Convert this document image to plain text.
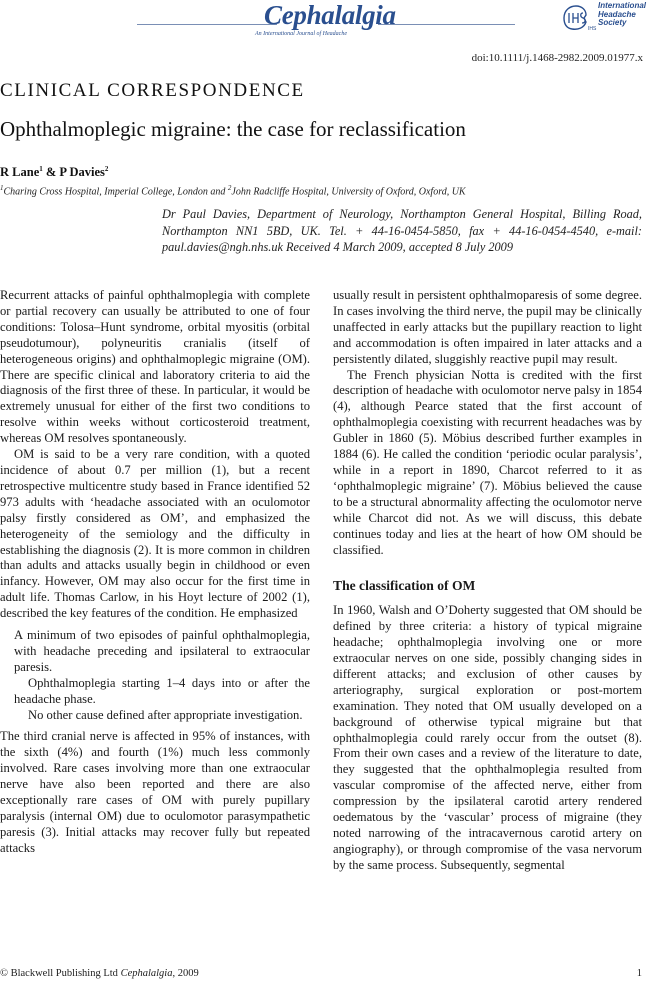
Cephalalgia
An International Journal of Headache
IHS
International
Headache
Society
doi:10.1111/j.1468-2982.2009.01977.x
CLINICAL CORRESPONDENCE
Ophthalmoplegic migraine: the case for reclassification
R Lane$^1$ & P Davies$^2$
$^1$Charing Cross Hospital, Imperial College, London and $^2$John Radcliffe Hospital, University of Oxford, Oxford, UK
Dr Paul Davies, Department of Neurology, Northampton General Hospital, Billing Road, Northampton NN1 5BD, UK. Tel. + 44-16-0454-5850, fax + 44-16-0454-4540, e-mail: paul.davies@ngh.nhs.uk Received 4 March 2009, accepted 8 July 2009

Recurrent attacks of painful ophthalmoplegia with complete or partial recovery can usually be attributed to one of four conditions: Tolosa–Hunt syndrome, orbital myositis (orbital pseudotumour), polyneuritis cranialis (itself of heterogeneous origins) and ophthalmoplegic migraine (OM). There are specific clinical and laboratory criteria to aid the diagnosis of the first three of these. In particular, it would be extremely unusual for either of the first two conditions to resolve within weeks without corticosteroid treatment, whereas OM resolves spontaneously.

OM is said to be a very rare condition, with a quoted incidence of about 0.7 per million (1), but a recent retrospective multicentre study based in France identified 52 973 adults with ‘headache associated with an oculomotor palsy firstly considered as OM’, and emphasized the heterogeneity of the semiology and the difficulty in establishing the diagnosis (2). It is more common in children than adults and attacks usually begin in childhood or even infancy. However, OM may also occur for the first time in adult life. Thomas Carlow, in his Hoyt lecture of 2002 (1), described the key features of the condition. He emphasized

A minimum of two episodes of painful ophthalmoplegia, with headache preceding and ipsilateral to extraocular paresis.

Ophthalmoplegia starting 1–4 days into or after the headache phase.

No other cause defined after appropriate investigation.

The third cranial nerve is affected in 95% of instances, with the sixth (4%) and fourth (1%) much less commonly involved. Rare cases involving more than one extraocular nerve have also been reported and there are also exceptionally rare cases of OM with purely pupillary paralysis (internal OM) due to oculomotor parasympathetic paresis (3). Initial attacks may recover fully but repeated attacks

usually result in persistent ophthalmoparesis of some degree. In cases involving the third nerve, the pupil may be clinically unaffected in early attacks but the pupillary reaction to light and accommodation is often impaired in later attacks and a persistently dilated, sluggishly reactive pupil may result.

The French physician Notta is credited with the first description of headache with oculomotor nerve palsy in 1854 (4), although Pearce stated that the first account of ophthalmoplegia coexisting with recurrent headaches was by Gubler in 1860 (5). Möbius described further examples in 1884 (6). He called the condition ‘periodic ocular paralysis’, while in a report in 1890, Charcot referred to it as ‘ophthalmoplegic migraine’ (7). Möbius believed the cause to be a structural abnormality affecting the oculomotor nerve while Charcot did not. As we will discuss, this debate continues today and lies at the heart of how OM should be classified.

The classification of OM

In 1960, Walsh and O’Doherty suggested that OM should be defined by three criteria: a history of typical migraine headache; ophthalmoplegia involving one or more extraocular nerves on one side, possibly changing sides in different attacks; and exclusion of other causes by arteriography, surgical exploration or post-mortem examination. They noted that OM usually developed on a background of otherwise typical migraine but that ophthalmoplegia could rarely occur from the outset (8). From their own cases and a review of the literature to date, they suggested that the ophthalmoplegia resulted from vascular compromise of the affected nerve, either from compression by the ipsilateral carotid artery rendered oedematous by the ‘vascular’ process of migraine (they noted narrowing of the intracavernous carotid artery on angiography), or through compromise of the vasa nervorum by the same process. Subsequently, segmental

© Blackwell Publishing Ltd Cephalalgia, 2009	1
